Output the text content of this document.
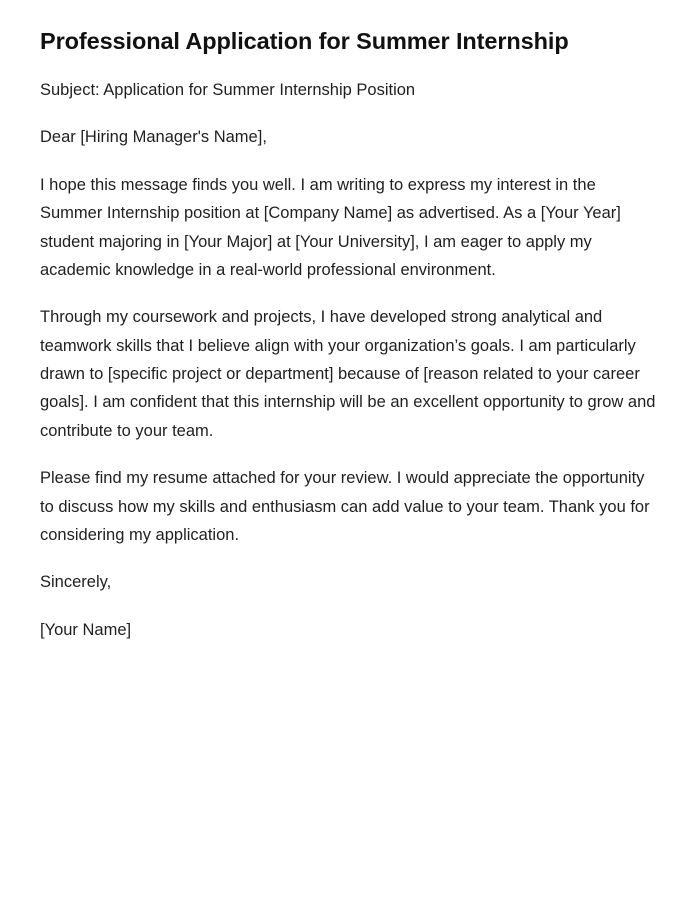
Professional Application for Summer Internship

Subject: Application for Summer Internship Position

Dear [Hiring Manager's Name],

I hope this message finds you well. I am writing to express my interest in the Summer Internship position at [Company Name] as advertised. As a [Your Year] student majoring in [Your Major] at [Your University], I am eager to apply my academic knowledge in a real-world professional environment.

Through my coursework and projects, I have developed strong analytical and teamwork skills that I believe align with your organization’s goals. I am particularly drawn to [specific project or department] because of [reason related to your career goals]. I am confident that this internship will be an excellent opportunity to grow and contribute to your team.

Please find my resume attached for your review. I would appreciate the opportunity to discuss how my skills and enthusiasm can add value to your team. Thank you for considering my application.

Sincerely,

[Your Name]
